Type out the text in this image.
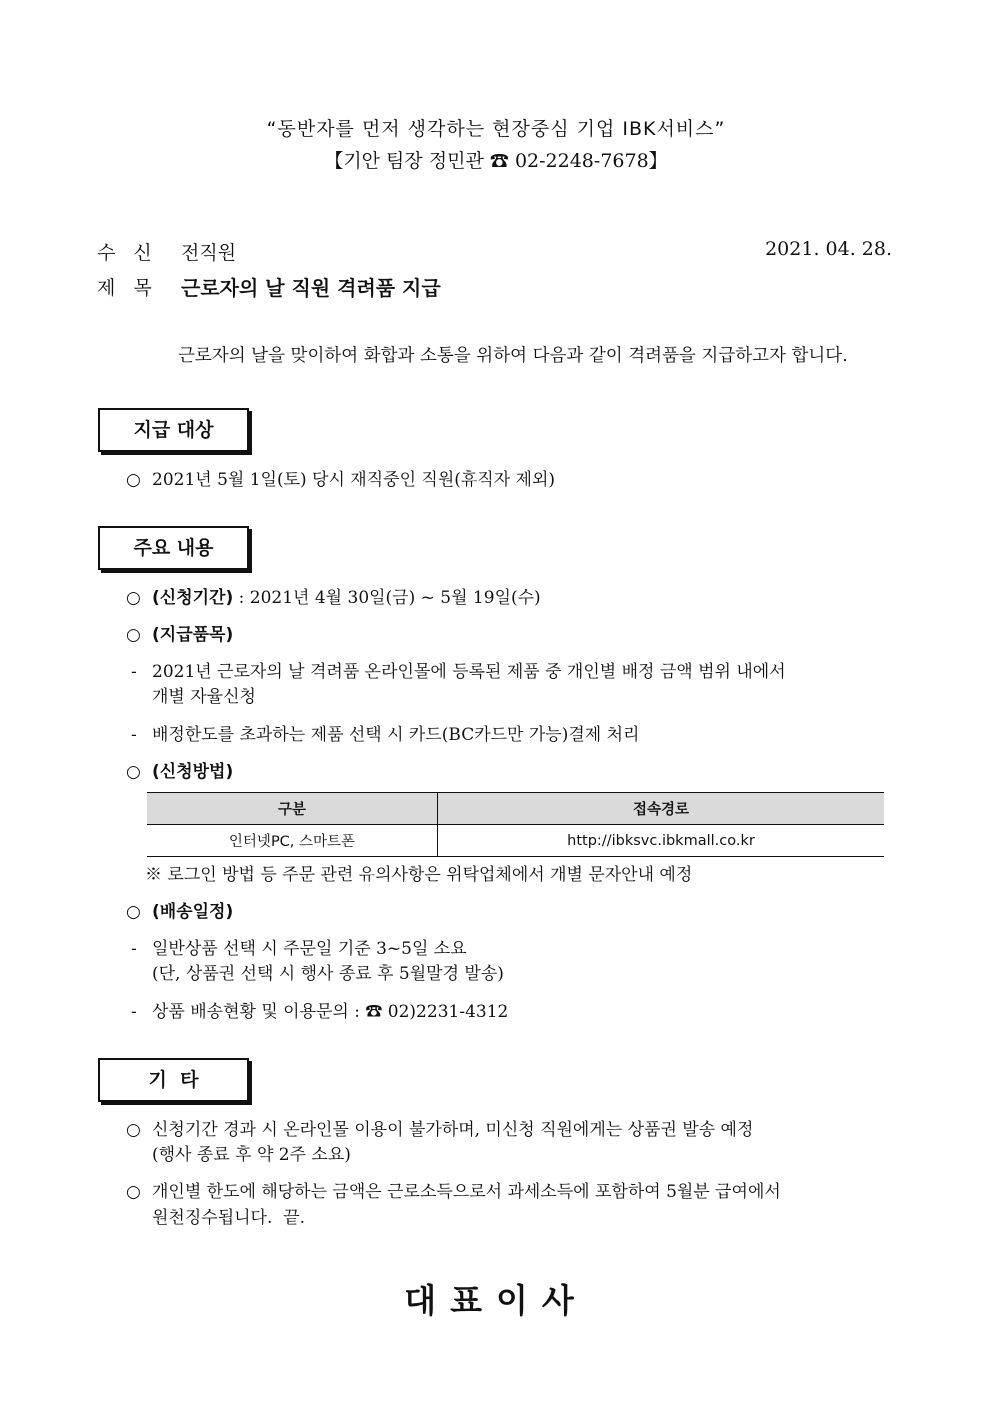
“동반자를 먼저 생각하는 현장중심 기업 IBK서비스”
【기안 팀장 정민관 ☎ 02-2248-7678】
수  신 전직원	2021. 04. 28.
제  목 근로자의 날 직원 격려품 지급
근로자의 날을 맞이하여 화합과 소통을 위하여 다음과 같이 격려품을 지급하고자 합니다.
지급 대상
○ 2021년 5월 1일(토) 당시 재직중인 직원(휴직자 제외)
주요 내용
○ (신청기간) : 2021년 4월 30일(금) ~ 5월 19일(수)
○ (지급품목)
- 2021년 근로자의 날 격려품 온라인몰에 등록된 제품 중 개인별 배정 금액 범위 내에서
개별 자율신청
- 배정한도를 초과하는 제품 선택 시 카드(BC카드만 가능)결제 처리
○ (신청방법)
구분	접속경로
인터넷PC, 스마트폰	http://ibksvc.ibkmall.co.kr
※ 로그인 방법 등 주문 관련 유의사항은 위탁업체에서 개별 문자안내 예정
○ (배송일정)
- 일반상품 선택 시 주문일 기준 3~5일 소요
(단, 상품권 선택 시 행사 종료 후 5월말경 발송)
- 상품 배송현황 및 이용문의 : ☎ 02)2231-4312
기  타
○ 신청기간 경과 시 온라인몰 이용이 불가하며, 미신청 직원에게는 상품권 발송 예정
(행사 종료 후 약 2주 소요)
○ 개인별 한도에 해당하는 금액은 근로소득으로서 과세소득에 포함하여 5월분 급여에서
원천징수됩니다.  끝.
대표이사
